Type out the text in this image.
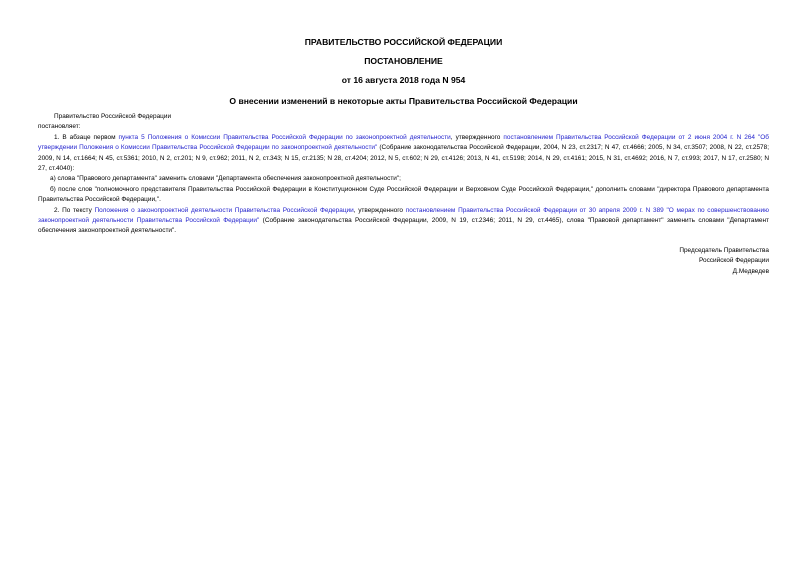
ПРАВИТЕЛЬСТВО РОССИЙСКОЙ ФЕДЕРАЦИИ
ПОСТАНОВЛЕНИЕ
от 16 августа 2018 года N 954
О внесении изменений в некоторые акты Правительства Российской Федерации

Правительство Российской Федерации

постановляет:

1. В абзаце первом пункта 5 Положения о Комиссии Правительства Российской Федерации по законопроектной деятельности, утвержденного постановлением Правительства Российской Федерации от 2 июня 2004 г. N 264 "Об утверждении Положения о Комиссии Правительства Российской Федерации по законопроектной деятельности" (Собрание законодательства Российской Федерации, 2004, N 23, ст.2317; N 47, ст.4666; 2005, N 34, ст.3507; 2008, N 22, ст.2578; 2009, N 14, ст.1664; N 45, ст.5361; 2010, N 2, ст.201; N 9, ст.962; 2011, N 2, ст.343; N 15, ст.2135; N 28, ст.4204; 2012, N 5, ст.602; N 29, ст.4126; 2013, N 41, ст.5198; 2014, N 29, ст.4161; 2015, N 31, ст.4692; 2016, N 7, ст.993; 2017, N 17, ст.2580; N 27, ст.4040):

а) слова "Правового департамента" заменить словами "Департамента обеспечения законопроектной деятельности";

б) после слов "полномочного представителя Правительства Российской Федерации в Конституционном Суде Российской Федерации и Верховном Суде Российской Федерации," дополнить словами "директора Правового департамента Правительства Российской Федерации,".

2. По тексту Положения о законопроектной деятельности Правительства Российской Федерации, утвержденного постановлением Правительства Российской Федерации от 30 апреля 2009 г. N 389 "О мерах по совершенствованию законопроектной деятельности Правительства Российской Федерации" (Собрание законодательства Российской Федерации, 2009, N 19, ст.2346; 2011, N 29, ст.4465), слова "Правовой департамент" заменить словами "Департамент обеспечения законопроектной деятельности".

Председатель Правительства

Российской Федерации

Д.Медведев
